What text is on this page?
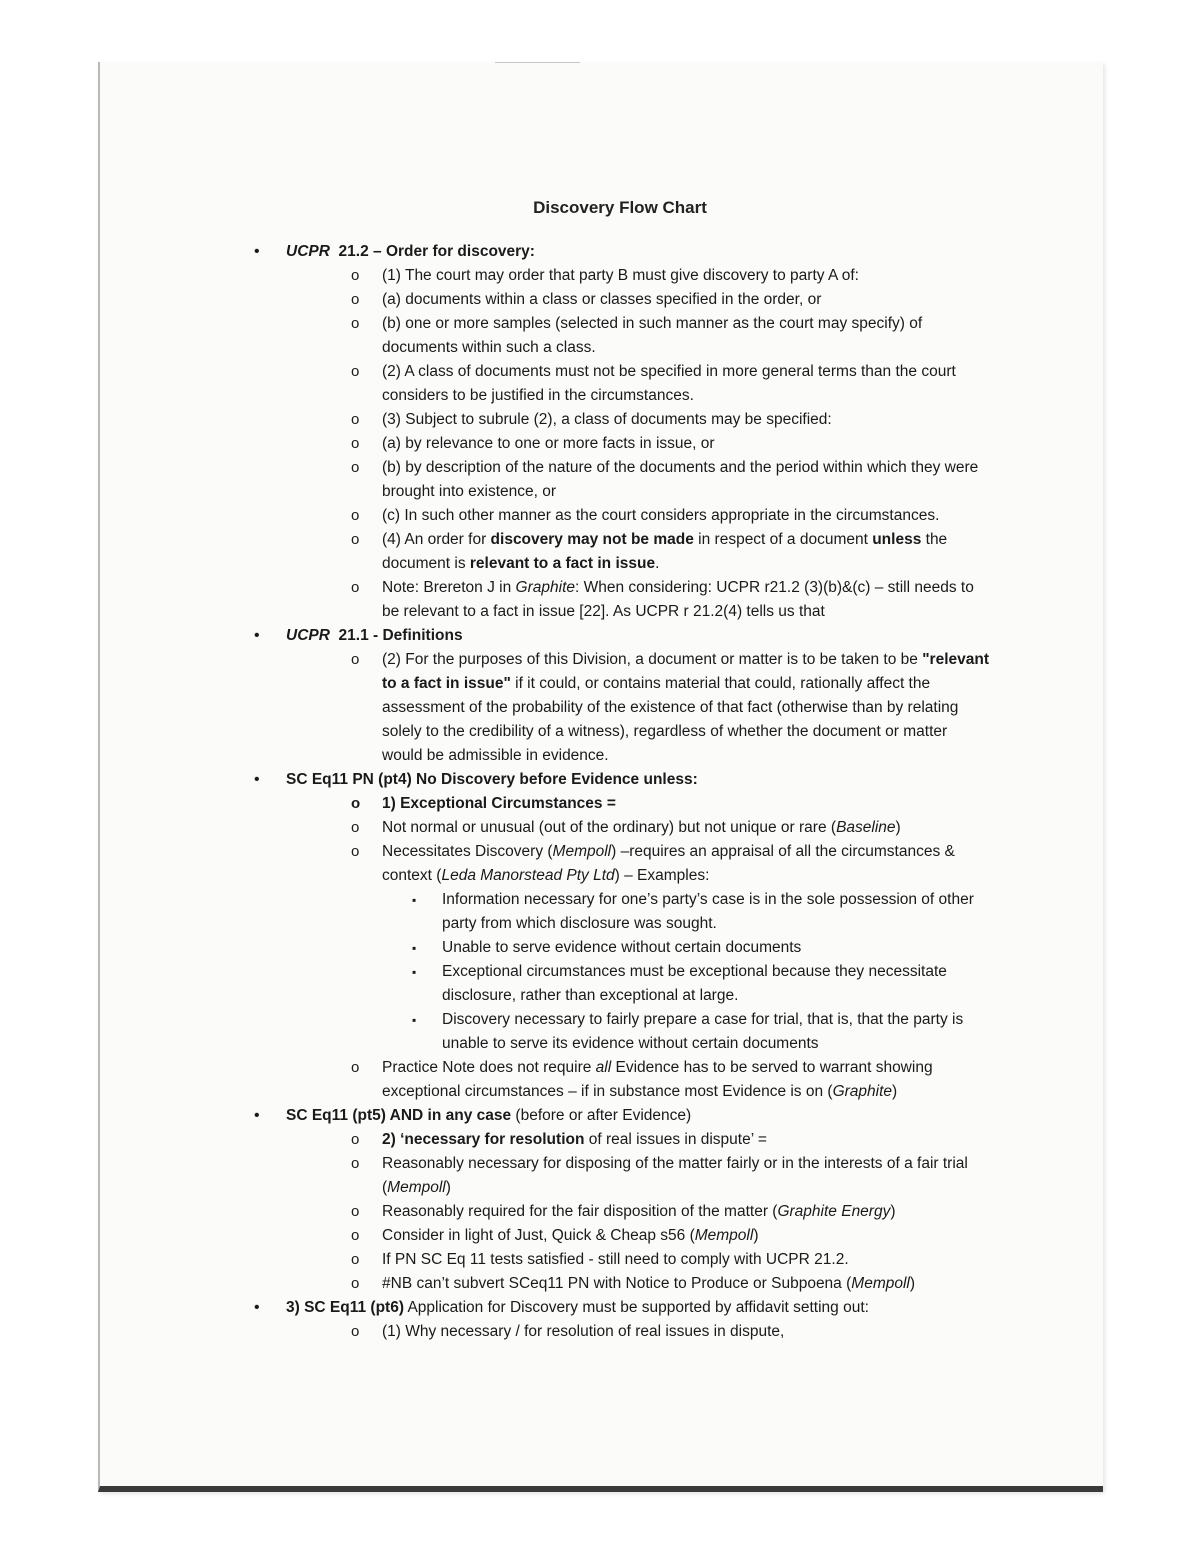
Discovery Flow Chart
• UCPR 21.2 – Order for discovery:
o (1) The court may order that party B must give discovery to party A of:
o (a) documents within a class or classes specified in the order, or
o (b) one or more samples (selected in such manner as the court may specify) of documents within such a class.
o (2) A class of documents must not be specified in more general terms than the court considers to be justified in the circumstances.
o (3) Subject to subrule (2), a class of documents may be specified:
o (a) by relevance to one or more facts in issue, or
o (b) by description of the nature of the documents and the period within which they were brought into existence, or
o (c) In such other manner as the court considers appropriate in the circumstances.
o (4) An order for discovery may not be made in respect of a document unless the document is relevant to a fact in issue.
o Note: Brereton J in Graphite: When considering: UCPR r21.2 (3)(b)&(c) – still needs to be relevant to a fact in issue [22]. As UCPR r 21.2(4) tells us that
• UCPR 21.1 - Definitions
o (2) For the purposes of this Division, a document or matter is to be taken to be "relevant to a fact in issue" if it could, or contains material that could, rationally affect the assessment of the probability of the existence of that fact (otherwise than by relating solely to the credibility of a witness), regardless of whether the document or matter would be admissible in evidence.
• SC Eq11 PN (pt4) No Discovery before Evidence unless:
o 1) Exceptional Circumstances =
o Not normal or unusual (out of the ordinary) but not unique or rare (Baseline)
o Necessitates Discovery (Mempoll) –requires an appraisal of all the circumstances & context (Leda Manorstead Pty Ltd) – Examples:
▪ Information necessary for one’s party’s case is in the sole possession of other party from which disclosure was sought.
▪ Unable to serve evidence without certain documents
▪ Exceptional circumstances must be exceptional because they necessitate disclosure, rather than exceptional at large.
▪ Discovery necessary to fairly prepare a case for trial, that is, that the party is unable to serve its evidence without certain documents
o Practice Note does not require all Evidence has to be served to warrant showing exceptional circumstances – if in substance most Evidence is on (Graphite)
• SC Eq11 (pt5) AND in any case (before or after Evidence)
o 2) ‘necessary for resolution of real issues in dispute’ =
o Reasonably necessary for disposing of the matter fairly or in the interests of a fair trial (Mempoll)
o Reasonably required for the fair disposition of the matter (Graphite Energy)
o Consider in light of Just, Quick & Cheap s56 (Mempoll)
o If PN SC Eq 11 tests satisfied - still need to comply with UCPR 21.2.
o #NB can’t subvert SCeq11 PN with Notice to Produce or Subpoena (Mempoll)
• 3) SC Eq11 (pt6) Application for Discovery must be supported by affidavit setting out:
o (1) Why necessary / for resolution of real issues in dispute,
